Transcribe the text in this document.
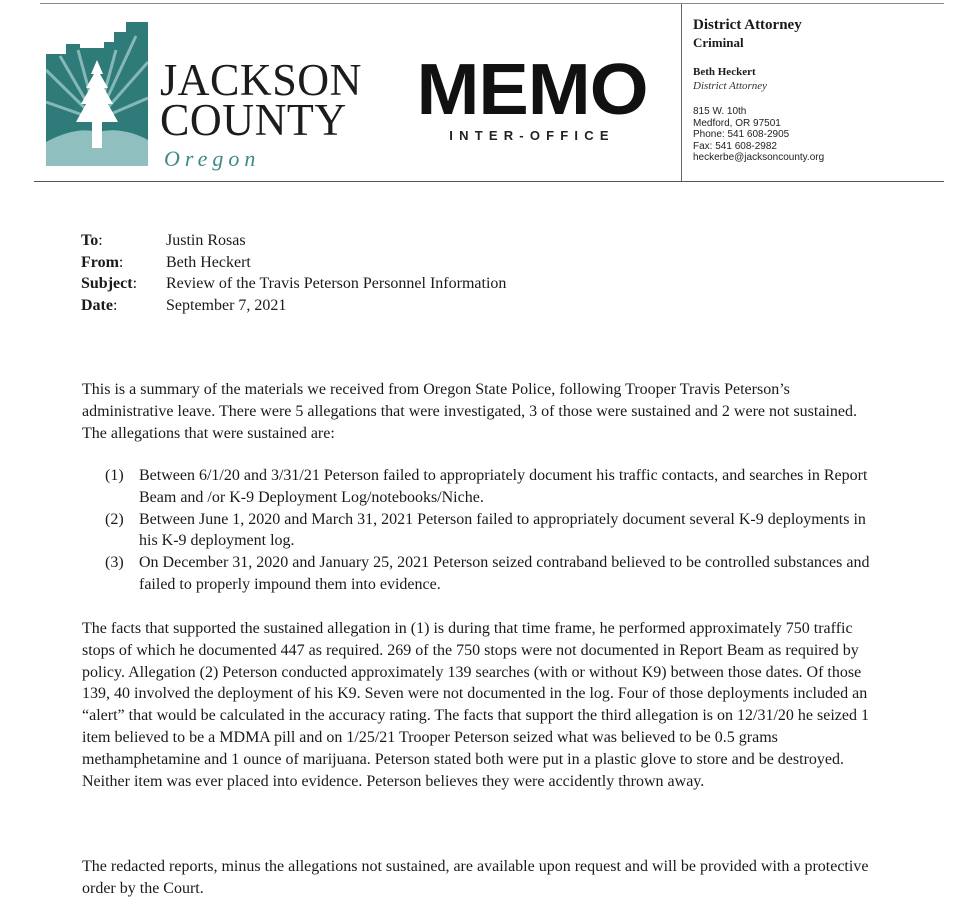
JACKSON
COUNTY
Oregon
MEMO
INTER-OFFICE
District Attorney
Criminal
Beth Heckert
District Attorney
815 W. 10th
Medford, OR 97501
Phone: 541 608-2905
Fax: 541 608-2982
heckerbe@jacksoncounty.org
To:	Justin Rosas
From:	Beth Heckert
Subject:	Review of the Travis Peterson Personnel Information
Date:	September 7, 2021

This is a summary of the materials we received from Oregon State Police, following Trooper Travis Peterson’s administrative leave. There were 5 allegations that were investigated, 3 of those were sustained and 2 were not sustained. The allegations that were sustained are:

(1) Between 6/1/20 and 3/31/21 Peterson failed to appropriately document his traffic contacts, and searches in Report Beam and /or K-9 Deployment Log/notebooks/Niche.
(2) Between June 1, 2020 and March 31, 2021 Peterson failed to appropriately document several K-9 deployments in his K-9 deployment log.
(3) On December 31, 2020 and January 25, 2021 Peterson seized contraband believed to be controlled substances and failed to properly impound them into evidence.

The facts that supported the sustained allegation in (1) is during that time frame, he performed approximately 750 traffic stops of which he documented 447 as required. 269 of the 750 stops were not documented in Report Beam as required by policy. Allegation (2) Peterson conducted approximately 139 searches (with or without K9) between those dates. Of those 139, 40 involved the deployment of his K9. Seven were not documented in the log. Four of those deployments included an “alert” that would be calculated in the accuracy rating. The facts that support the third allegation is on 12/31/20 he seized 1 item believed to be a MDMA pill and on 1/25/21 Trooper Peterson seized what was believed to be 0.5 grams methamphetamine and 1 ounce of marijuana. Peterson stated both were put in a plastic glove to store and be destroyed. Neither item was ever placed into evidence. Peterson believes they were accidently thrown away.

The redacted reports, minus the allegations not sustained, are available upon request and will be provided with a protective order by the Court.
